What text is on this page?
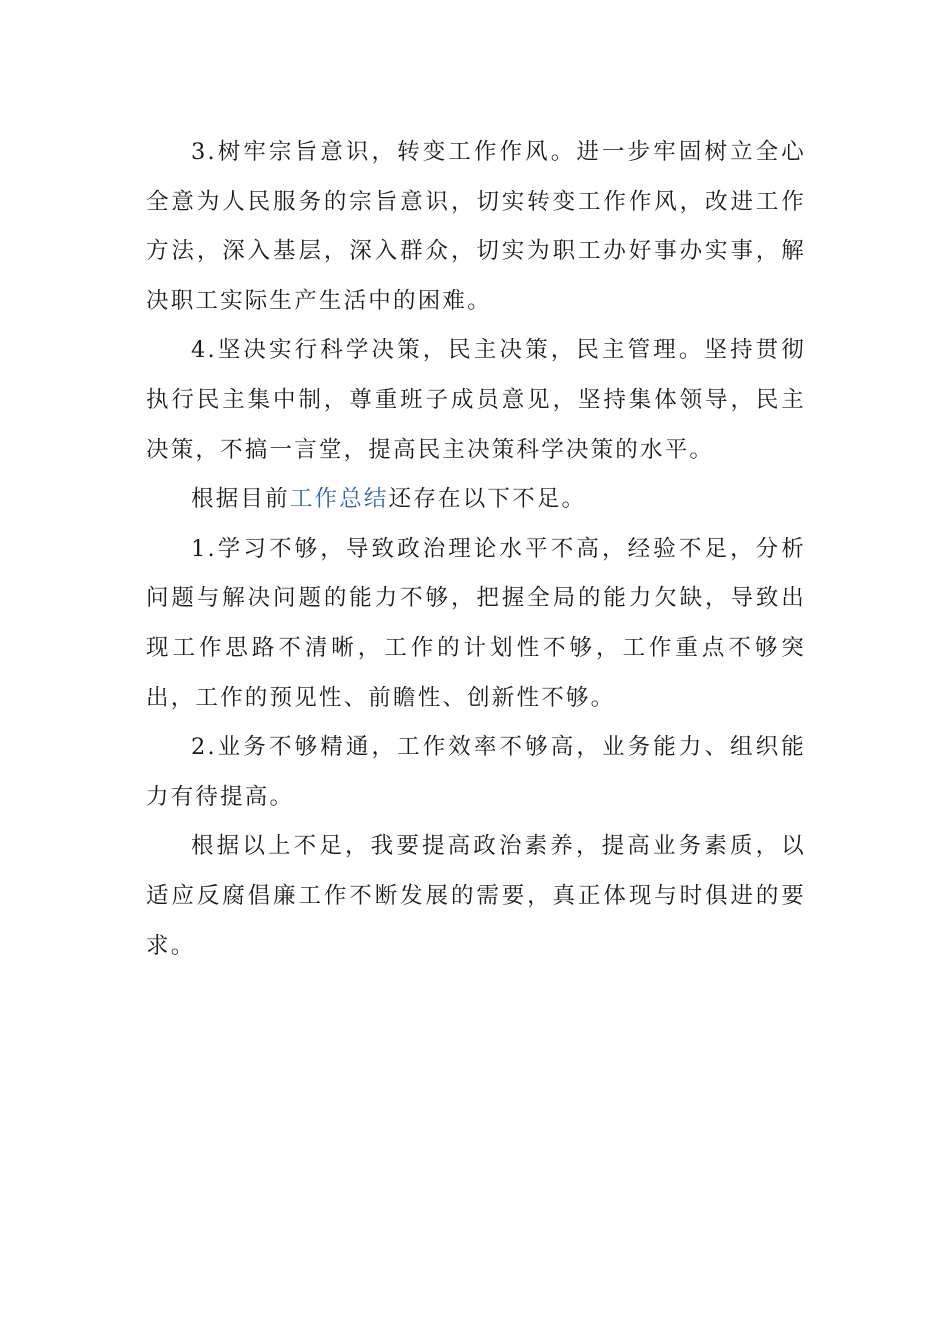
3.树牢宗旨意识，转变工作作风。进一步牢固树立全心全意为人民服务的宗旨意识，切实转变工作作风，改进工作方法，深入基层，深入群众，切实为职工办好事办实事，解决职工实际生产生活中的困难。

4.坚决实行科学决策，民主决策，民主管理。坚持贯彻执行民主集中制，尊重班子成员意见，坚持集体领导，民主决策，不搞一言堂，提高民主决策科学决策的水平。

根据目前工作总结还存在以下不足。

1.学习不够，导致政治理论水平不高，经验不足，分析问题与解决问题的能力不够，把握全局的能力欠缺，导致出现工作思路不清晰，工作的计划性不够，工作重点不够突出，工作的预见性、前瞻性、创新性不够。

2.业务不够精通，工作效率不够高，业务能力、组织能力有待提高。

根据以上不足，我要提高政治素养，提高业务素质，以适应反腐倡廉工作不断发展的需要，真正体现与时俱进的要求。
